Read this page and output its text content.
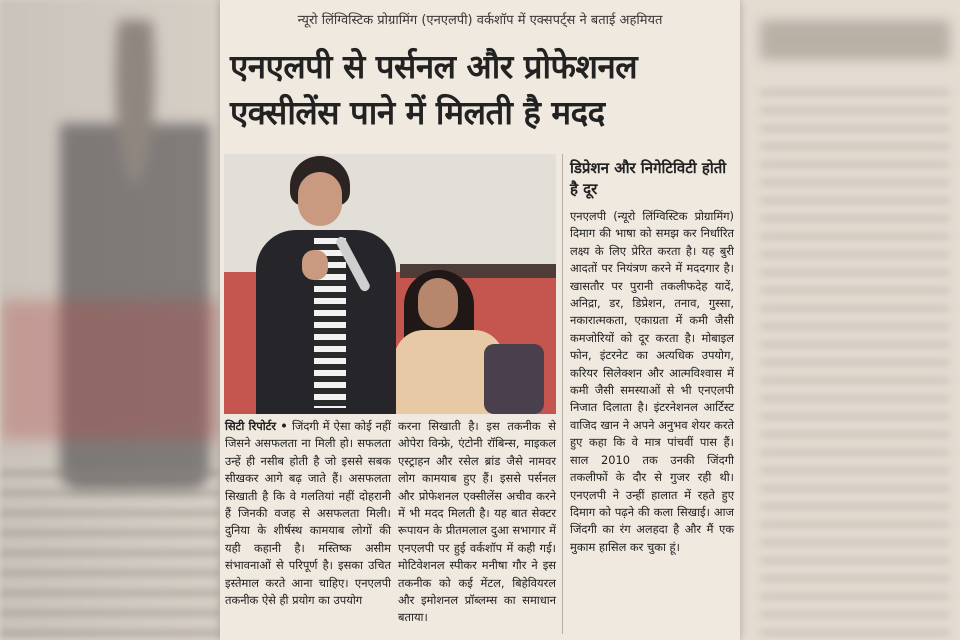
न्यूरो लिंग्विस्टिक प्रोग्रामिंग (एनएलपी) वर्कशॉप में एक्सपर्ट्स ने बताई अहमियत
एनएलपी से पर्सनल और प्रोफेशनल
एक्सीलेंस पाने में मिलती है मदद
सिटी रिपोर्टर • जिंदगी में ऐसा कोई नहीं जिसने असफलता ना मिली हो। सफलता उन्हें ही नसीब होती है जो इससे सबक सीखकर आगे बढ़ जाते हैं। असफलता सिखाती है कि वे गलतियां नहीं दोहरानी हैं जिनकी वजह से असफलता मिली। दुनिया के शीर्षस्थ कामयाब लोगों की यही कहानी है। मस्तिष्क असीम संभावनाओं से परिपूर्ण है। इसका उचित इस्तेमाल करते आना चाहिए। एनएलपी तकनीक ऐसे ही प्रयोग का उपयोग
करना सिखाती है। इस तकनीक से ओपेरा विन्फ्रे, एंटोनी रॉबिन्स, माइकल एस्ट्राहन और रसेल ब्रांड जैसे नामवर लोग कामयाब हुए हैं। इससे पर्सनल और प्रोफेशनल एक्सीलेंस अचीव करने में भी मदद मिलती है। यह बात सेक्टर रूपायन के प्रीतमलाल दुआ सभागार में एनएलपी पर हुई वर्कशॉप में कही गई। मोटिवेशनल स्पीकर मनीषा गौर ने इस तकनीक को कई मेंटल, बिहेवियरल और इमोशनल प्रॉब्लम्स का समाधान बताया।
डिप्रेशन और निगेटिविटी होती है दूर
एनएलपी (न्यूरो लिंग्विस्टिक प्रोग्रामिंग) दिमाग की भाषा को समझ कर निर्धारित लक्ष्य के लिए प्रेरित करता है। यह बुरी आदतों पर नियंत्रण करने में मददगार है। खासतौर पर पुरानी तकलीफदेह यादें, अनिद्रा, डर, डिप्रेशन, तनाव, गुस्सा, नकारात्मकता, एकाग्रता में कमी जैसी कमजोरियों को दूर करता है। मोबाइल फोन, इंटरनेट का अत्यधिक उपयोग, करियर सिलेक्शन और आत्मविश्वास में कमी जैसी समस्याओं से भी एनएलपी निजात दिलाता है। इंटरनेशनल आर्टिस्ट वाजिद खान ने अपने अनुभव शेयर करते हुए कहा कि वे मात्र पांचवीं पास हैं। साल 2010 तक उनकी जिंदगी तकलीफों के दौर से गुजर रही थी। एनएलपी ने उन्हीं हालात में रहते हुए दिमाग को पढ़ने की कला सिखाई। आज जिंदगी का रंग अलहदा है और मैं एक मुकाम हासिल कर चुका हूं।
